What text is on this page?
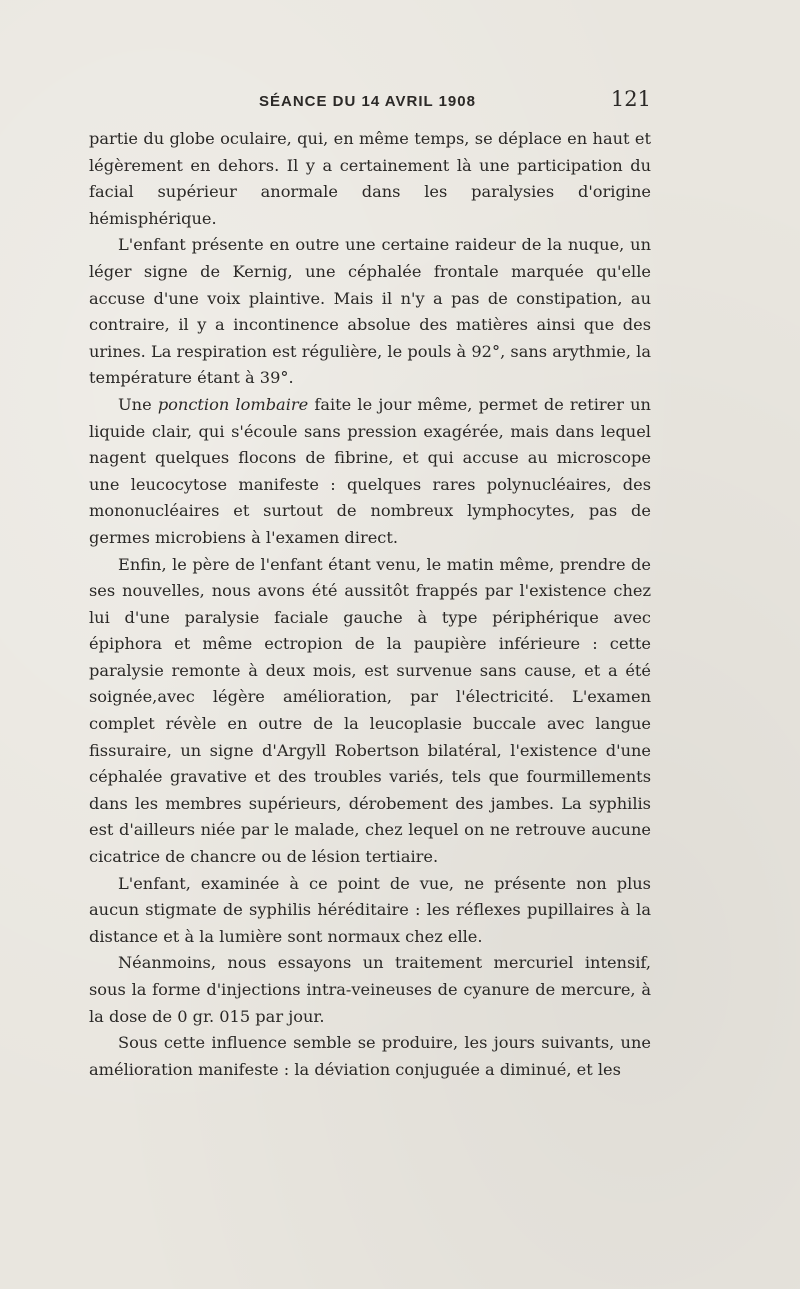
SÉANCE DU 14 AVRIL 1908	121

partie du globe oculaire, qui, en même temps, se déplace en haut et légèrement en dehors. Il y a certainement là une participation du facial supérieur anormale dans les paralysies d'origine hémisphérique.

L'enfant présente en outre une certaine raideur de la nuque, un léger signe de Kernig, une céphalée frontale marquée qu'elle accuse d'une voix plaintive. Mais il n'y a pas de constipation, au contraire, il y a incontinence absolue des matières ainsi que des urines. La respiration est régulière, le pouls à 92°, sans arythmie, la température étant à 39°.

Une ponction lombaire faite le jour même, permet de retirer un liquide clair, qui s'écoule sans pression exagérée, mais dans lequel nagent quelques flocons de fibrine, et qui accuse au microscope une leucocytose manifeste : quelques rares polynucléaires, des mononucléaires et surtout de nombreux lymphocytes, pas de germes microbiens à l'examen direct.

Enfin, le père de l'enfant étant venu, le matin même, prendre de ses nouvelles, nous avons été aussitôt frappés par l'existence chez lui d'une paralysie faciale gauche à type périphérique avec épiphora et même ectropion de la paupière inférieure : cette paralysie remonte à deux mois, est survenue sans cause, et a été soignée,avec légère amélioration, par l'électricité. L'examen complet révèle en outre de la leucoplasie buccale avec langue fissuraire, un signe d'Argyll Robertson bilatéral, l'existence d'une céphalée gravative et des troubles variés, tels que fourmillements dans les membres supérieurs, dérobement des jambes. La syphilis est d'ailleurs niée par le malade, chez lequel on ne retrouve aucune cicatrice de chancre ou de lésion tertiaire.

L'enfant, examinée à ce point de vue, ne présente non plus aucun stigmate de syphilis héréditaire : les réflexes pupillaires à la distance et à la lumière sont normaux chez elle.

Néanmoins, nous essayons un traitement mercuriel intensif, sous la forme d'injections intra-veineuses de cyanure de mercure, à la dose de 0 gr. 015 par jour.

Sous cette influence semble se produire, les jours suivants, une amélioration manifeste : la déviation conjuguée a diminué, et les
